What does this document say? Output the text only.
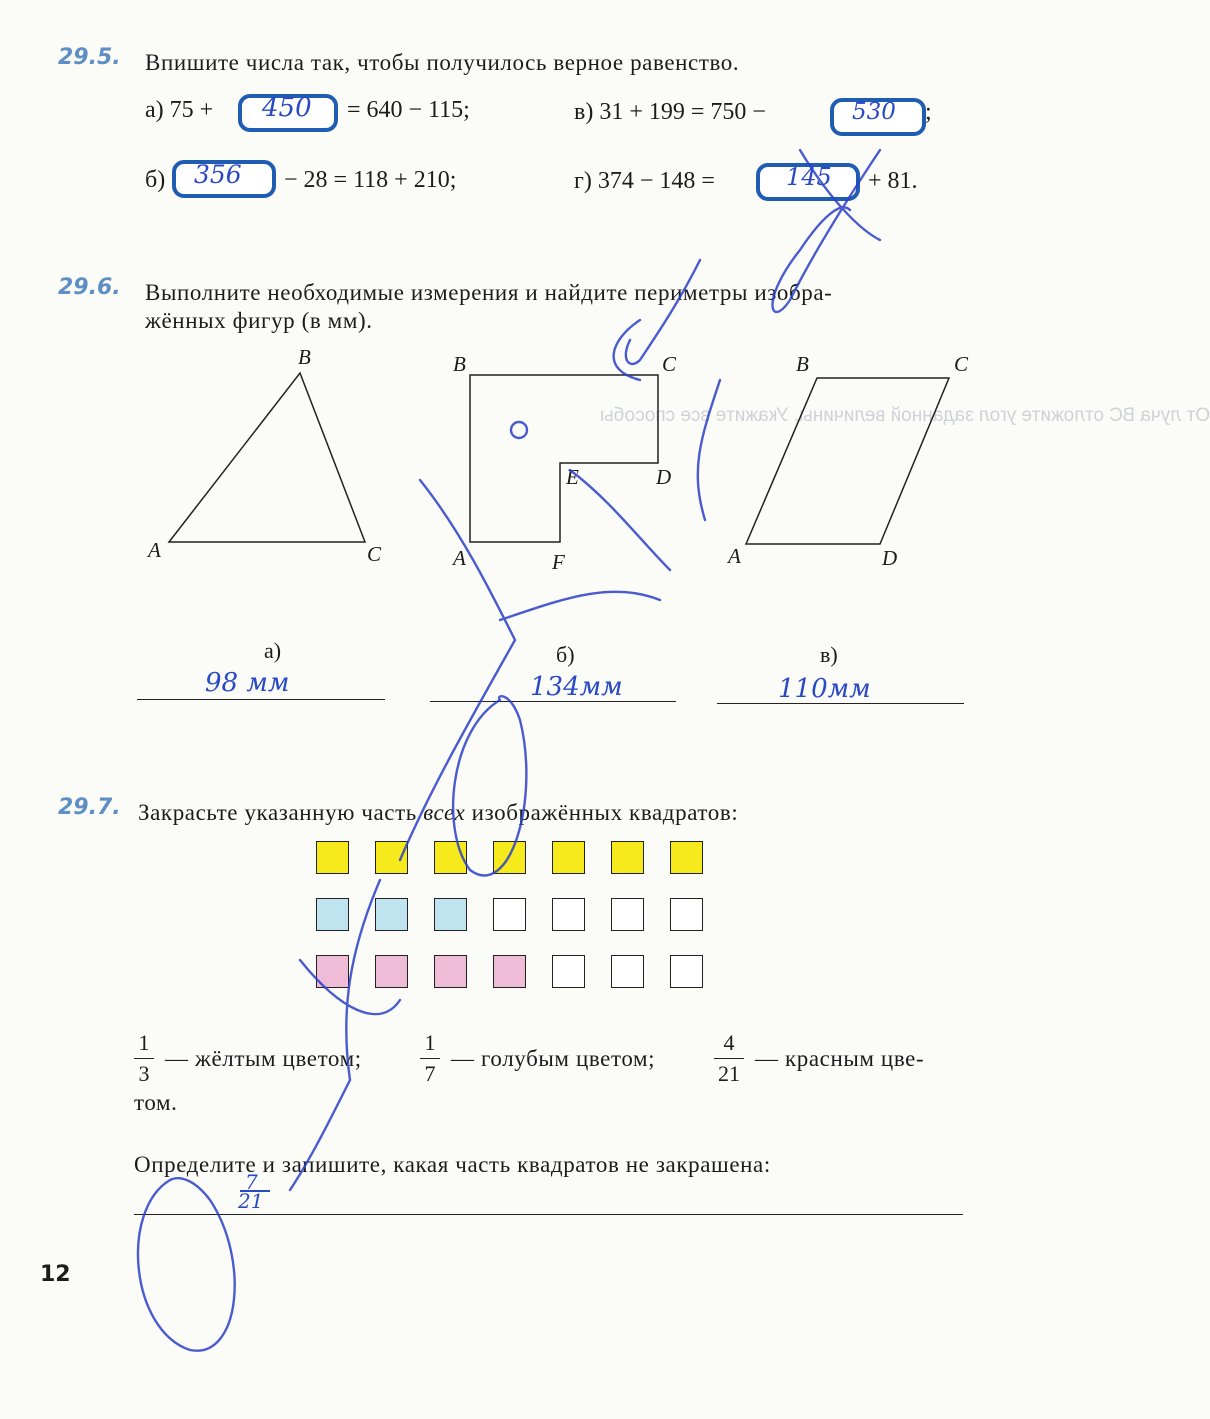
От луча ВС отложите угол заданной величины. Укажите все способы
29.5. Впишите числа так, чтобы получилось верное равенство.
а) 75 + 450 = 640 − 115;	в) 31 + 199 = 750 −	530 ;
б) 356 − 28 = 118 + 210;	г) 374 − 148 =	145 + 81.
29.6. Выполните необходимые измерения и найдите периметры изобра-
жённых фигур (в мм).
A
B
C
B	C
D
E
A	F
B	C
A	D
а)	б)	в)
98 мм	134мм	110мм
29.7. Закрасьте указанную часть всех изображённых квадратов:
1
3
— жёлтым цветом;
1
7
— голубым цветом;
4
21
— красным цве-
том.
Определите и запишите, какая часть квадратов не закрашена:
7
21
12
